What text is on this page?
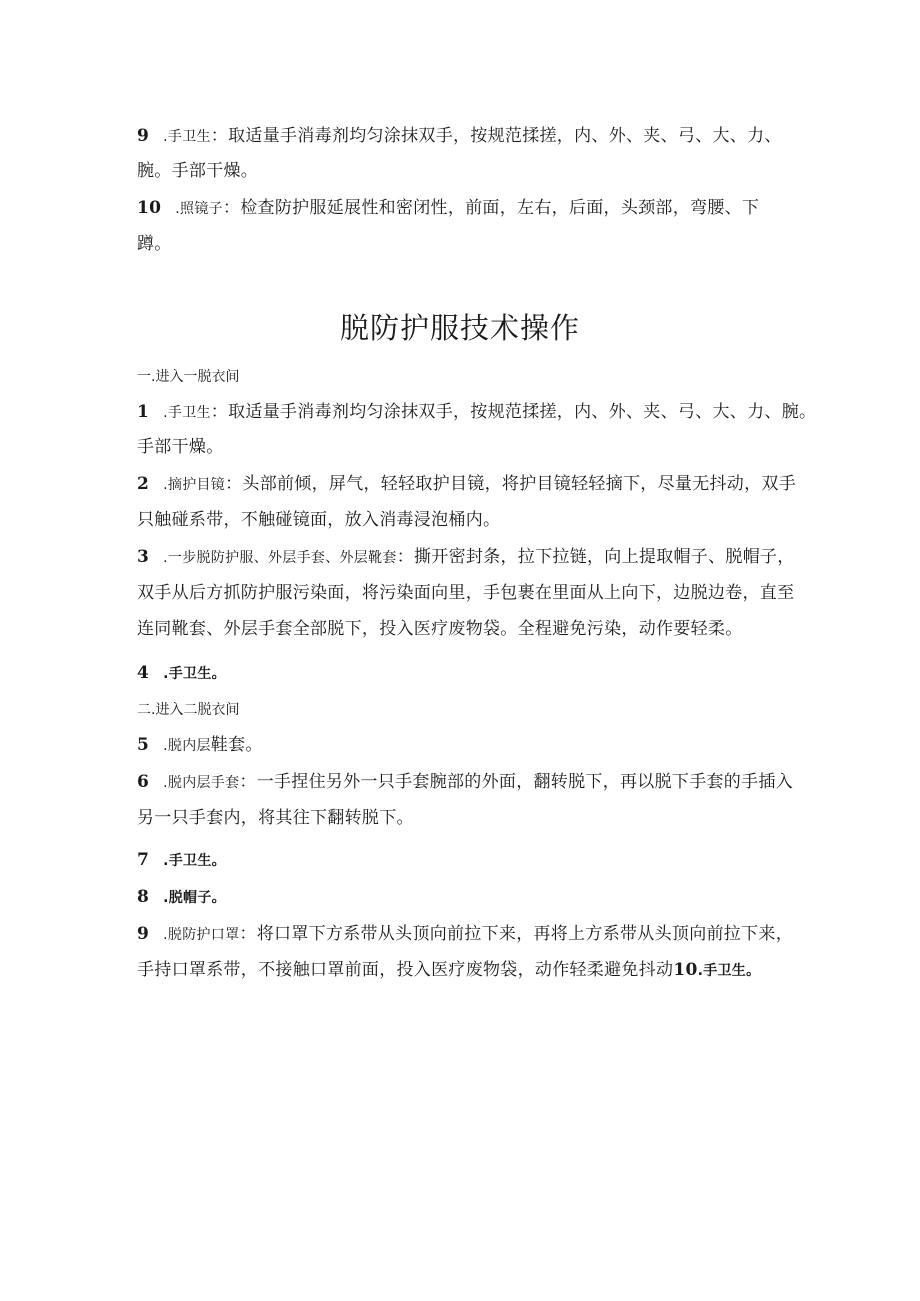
9 .手卫生：取适量手消毒剂均匀涂抹双手，按规范揉搓，内、外、夹、弓、大、力、
腕。手部干燥。
10 .照镜子：检查防护服延展性和密闭性，前面，左右，后面，头颈部，弯腰、下
蹲。
脱防护服技术操作
一.进入一脱衣间
1 .手卫生：取适量手消毒剂均匀涂抹双手，按规范揉搓，内、外、夹、弓、大、力、腕。
手部干燥。
2 .摘护目镜：头部前倾，屏气，轻轻取护目镜，将护目镜轻轻摘下，尽量无抖动，双手
只触碰系带，不触碰镜面，放入消毒浸泡桶内。
3 .一步脱防护服、外层手套、外层靴套：撕开密封条，拉下拉链，向上提取帽子、脱帽子，
双手从后方抓防护服污染面，将污染面向里，手包裹在里面从上向下，边脱边卷，直至
连同靴套、外层手套全部脱下，投入医疗废物袋。全程避免污染，动作要轻柔。
4 .手卫生。
二.进入二脱衣间
5 .脱内层鞋套。
6 .脱内层手套：一手捏住另外一只手套腕部的外面，翻转脱下，再以脱下手套的手插入
另一只手套内，将其往下翻转脱下。
7 .手卫生。
8 .脱帽子。
9 .脱防护口罩：将口罩下方系带从头顶向前拉下来，再将上方系带从头顶向前拉下来，
手持口罩系带，不接触口罩前面，投入医疗废物袋，动作轻柔避免抖动10.手卫生。
